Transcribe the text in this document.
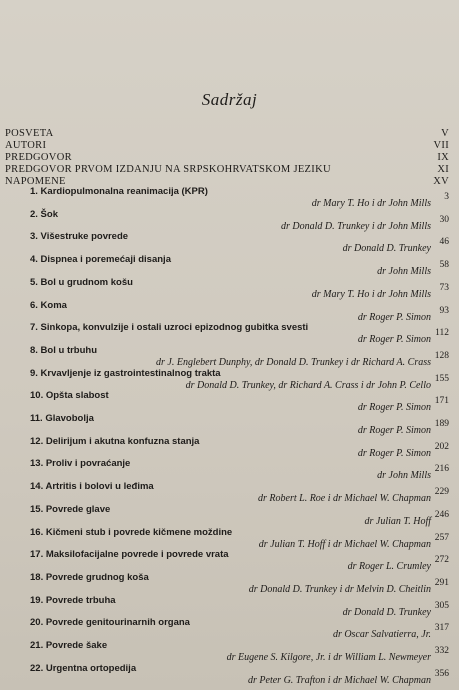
Sadržaj
POSVETA	V
AUTORI	VII
PREDGOVOR	IX
PREDGOVOR PRVOM IZDANJU NA SRPSKOHRVATSKOM JEZIKU	XI
NAPOMENE	XV
1. Kardiopulmonalna reanimacija (KPR)
dr Mary T. Ho i dr John Mills
3
2. Šok
dr Donald D. Trunkey i dr John Mills
30
3. Višestruke povrede
dr Donald D. Trunkey
46
4. Dispnea i poremećaji disanja
dr John Mills
58
5. Bol u grudnom košu
dr Mary T. Ho i dr John Mills
73
6. Koma
dr Roger P. Simon
93
7. Sinkopa, konvulzije i ostali uzroci epizodnog gubitka svesti
dr Roger P. Simon
112
8. Bol u trbuhu
dr J. Englebert Dunphy, dr Donald D. Trunkey i dr Richard A. Crass
128
9. Krvavljenje iz gastrointestinalnog trakta
dr Donald D. Trunkey, dr Richard A. Crass i dr John P. Cello
155
10. Opšta slabost
dr Roger P. Simon
171
11. Glavobolja
dr Roger P. Simon
189
12. Delirijum i akutna konfuzna stanja
dr Roger P. Simon
202
13. Proliv i povraćanje
dr John Mills
216
14. Artritis i bolovi u leđima
dr Robert L. Roe i dr Michael W. Chapman
229
15. Povrede glave
dr Julian T. Hoff
246
16. Kičmeni stub i povrede kičmene moždine
dr Julian T. Hoff i dr Michael W. Chapman
257
17. Maksilofacijalne povrede i povrede vrata
dr Roger L. Crumley
272
18. Povrede grudnog koša
dr Donald D. Trunkey i dr Melvin D. Cheitlin
291
19. Povrede trbuha
dr Donald D. Trunkey
305
20. Povrede genitourinarnih organa
dr Oscar Salvatierra, Jr.
317
21. Povrede šake
dr Eugene S. Kilgore, Jr. i dr William L. Newmeyer
332
22. Urgentna ortopedija
dr Peter G. Trafton i dr Michael W. Chapman
356
